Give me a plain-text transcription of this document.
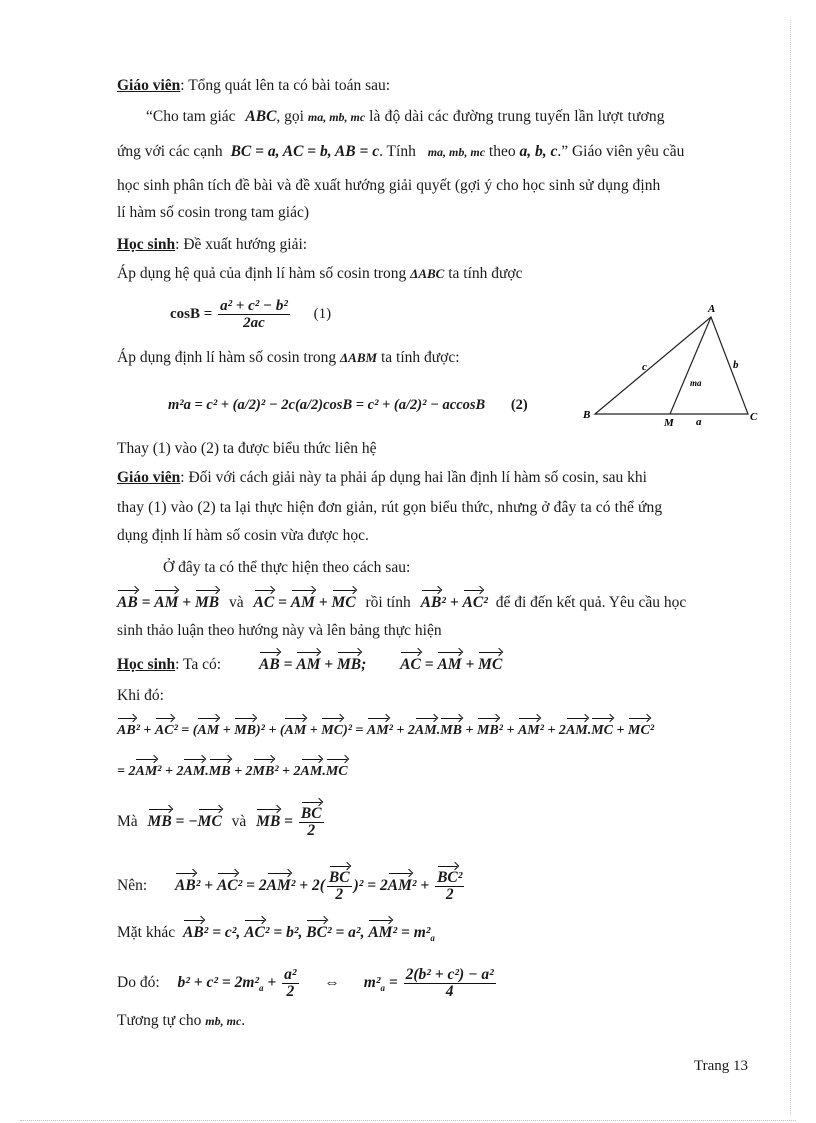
Giáo viên: Tổng quát lên ta có bài toán sau:
“Cho tam giác ABC, gọi ma, mb, mc là độ dài các đường trung tuyến lần lượt tương
ứng với các cạnh BC = a, AC = b, AB = c. Tính ma, mb, mc theo a, b, c.” Giáo viên yêu cầu
học sinh phân tích đề bài và đề xuất hướng giải quyết (gợi ý cho học sinh sử dụng định
lí hàm số cosin trong tam giác)
Học sinh: Đề xuất hướng giải:
Áp dụng hệ quả của định lí hàm số cosin trong ΔABC ta tính được
$\cos B = \frac{\text{a² + c² − b²}}{2ac} (1)$
Áp dụng định lí hàm số cosin trong ΔABM ta tính được:
m²a = c² + (a/2)² − 2c(a/2)cosB = c² + (a/2)² − accosB (2)
A
B	C
M a
b
c
ma
Thay (1) vào (2) ta được biểu thức liên hệ
Giáo viên: Đối với cách giải này ta phải áp dụng hai lần định lí hàm số cosin, sau khi
thay (1) vào (2) ta lại thực hiện đơn giản, rút gọn biểu thức, nhưng ở đây ta có thể ứng
dụng định lí hàm số cosin vừa được học.
Ở đây ta có thể thực hiện theo cách sau:
AB = AM + MB và AC = AM + MC rồi tính AB² + AC² để đi đến kết quả. Yêu cầu học
sinh thảo luận theo hướng này và lên bảng thực hiện
Học sinh: Ta có: AB = AM + MB; AC = AM + MC
Khi đó:
AB² + AC² = (AM + MB)² + (AM + MC)² = AM² + 2AM.MB + MB² + AM² + 2AM.MC + MC²
= 2AM² + 2AM.MB + 2MB² + 2AM.MC
Mà MB = −MC và MB = $\frac{BC}{2}$
Nên: $AB^2 + AC^2 = 2AM^2 + 2( \frac{BC}{2} )^2 = 2AM^2 + \frac{\text{BC²}}{2}$
Mặt khác AB² = c², AC² = b², BC² = a², $AM^2 = m^2_a$
Do đó: $b^2 + c^2 = 2m^2_a + \frac{\text{a²}}{2}$ ⇔ $m^2_a = \frac{\text{2(b² + c²) − a²}}{4}$
Tương tự cho mb, mc.
Trang 13
